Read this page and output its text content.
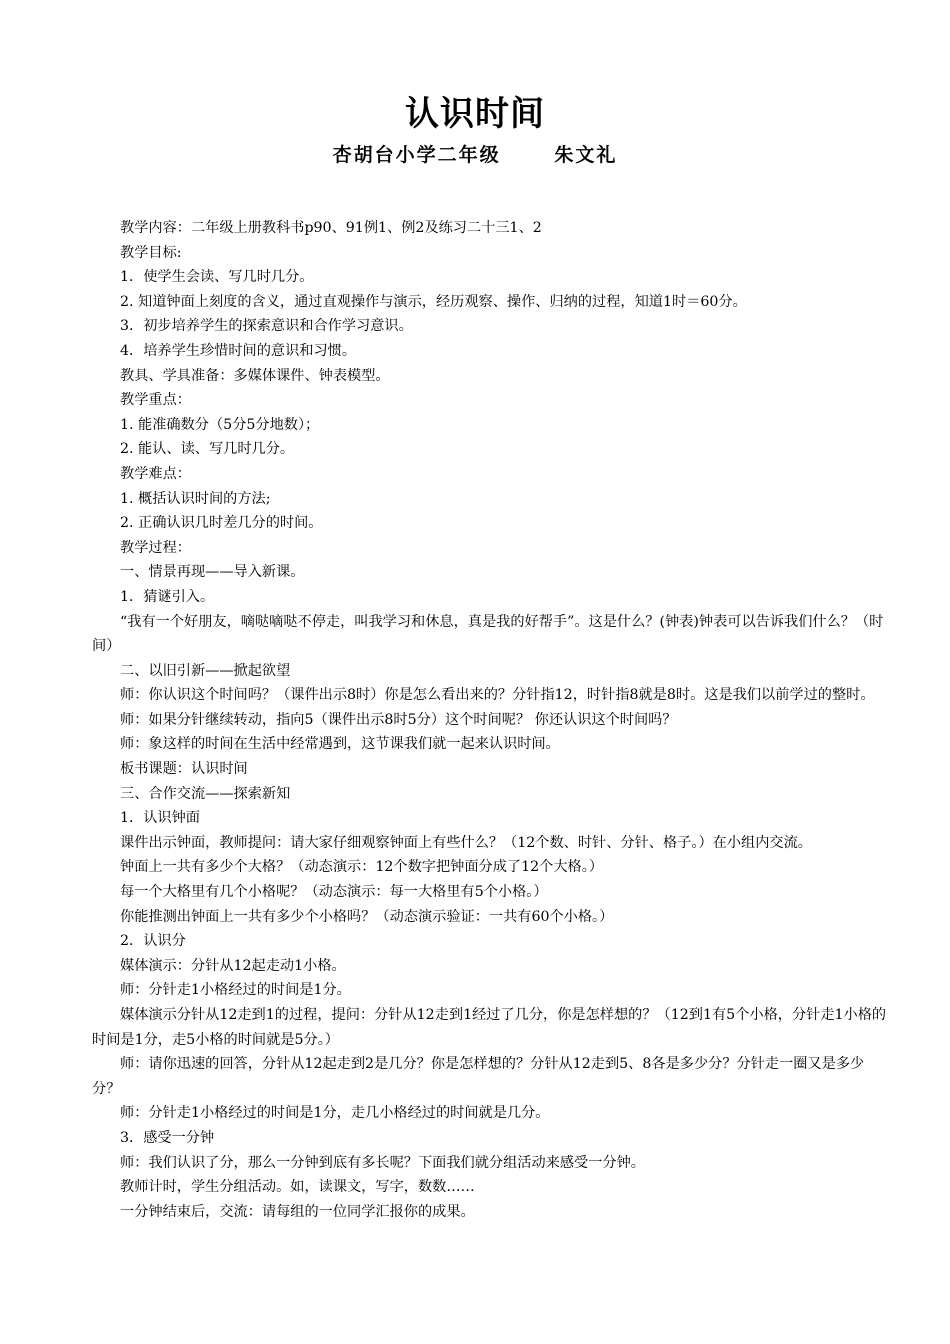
认识时间
杏胡台小学二年级    朱文礼

教学内容：二年级上册教科书p90、91例1、例2及练习二十三1、2

教学目标:

1．使学生会读、写几时几分。

2. 知道钟面上刻度的含义，通过直观操作与演示，经历观察、操作、归纳的过程，知道1时＝60分。

3．初步培养学生的探索意识和合作学习意识。

4．培养学生珍惜时间的意识和习惯。

教具、学具准备：多媒体课件、钟表模型。

教学重点：

1. 能准确数分（5分5分地数）；

2. 能认、读、写几时几分。

教学难点：

1. 概括认识时间的方法;

2. 正确认识几时差几分的时间。

教学过程：

一、情景再现——导入新课。

1．猜谜引入。

“我有一个好朋友，嘀哒嘀哒不停走，叫我学习和休息，真是我的好帮手”。这是什么？(钟表)钟表可以告诉我们什么？（时间）

二、以旧引新——掀起欲望

师：你认识这个时间吗？（课件出示8时）你是怎么看出来的？分针指12，时针指8就是8时。这是我们以前学过的整时。

师：如果分针继续转动，指向5（课件出示8时5分）这个时间呢？ 你还认识这个时间吗？

师：象这样的时间在生活中经常遇到，这节课我们就一起来认识时间。

板书课题：认识时间

三、合作交流——探索新知

1．认识钟面

课件出示钟面，教师提问：请大家仔细观察钟面上有些什么？（12个数、时针、分针、格子。）在小组内交流。

钟面上一共有多少个大格？（动态演示：12个数字把钟面分成了12个大格。）

每一个大格里有几个小格呢？（动态演示：每一大格里有5个小格。）

你能推测出钟面上一共有多少个小格吗？（动态演示验证：一共有60个小格。）

2．认识分

媒体演示：分针从12起走动1小格。

师：分针走1小格经过的时间是1分。

媒体演示分针从12走到1的过程，提问：分针从12走到1经过了几分，你是怎样想的？（12到1有5个小格，分针走1小格的时间是1分，走5小格的时间就是5分。）

师：请你迅速的回答，分针从12起走到2是几分？你是怎样想的？分针从12走到5、8各是多少分？分针走一圈又是多少分？

师：分针走1小格经过的时间是1分，走几小格经过的时间就是几分。

3．感受一分钟

师：我们认识了分，那么一分钟到底有多长呢？下面我们就分组活动来感受一分钟。

教师计时，学生分组活动。如，读课文，写字，数数……

一分钟结束后，交流：请每组的一位同学汇报你的成果。
